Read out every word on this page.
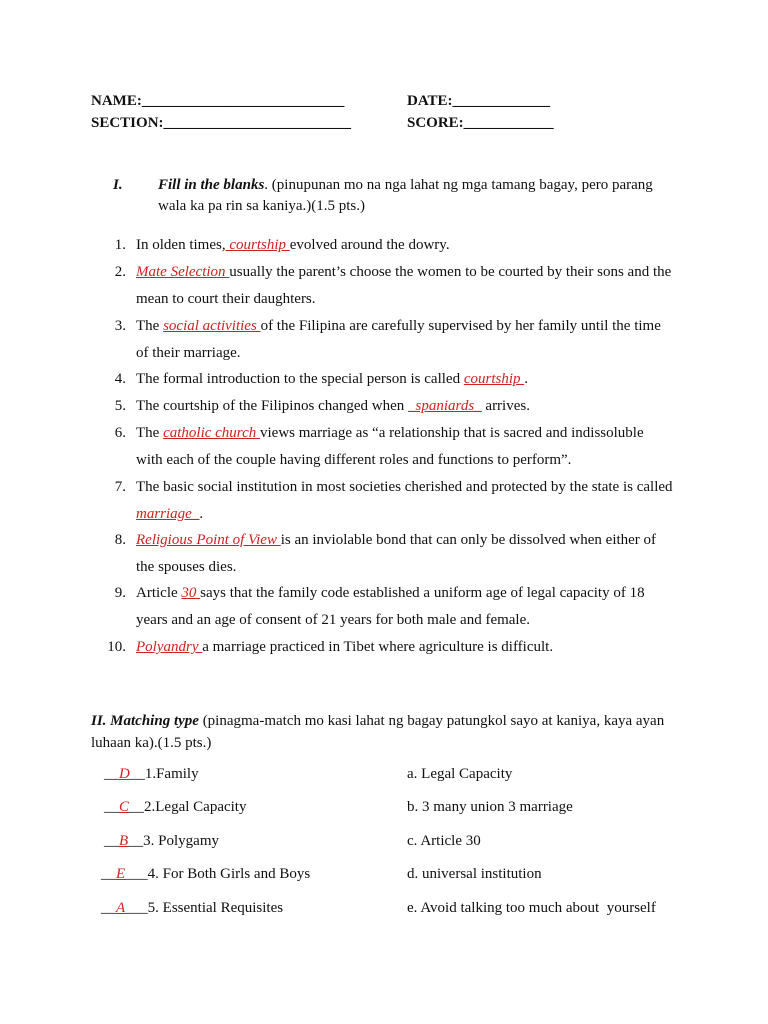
NAME:___________________________	DATE:_____________
SECTION:_________________________	SCORE:____________
I. Fill in the blanks. (pinupunan mo na nga lahat ng mga tamang bagay, pero parang
wala ka pa rin sa kaniya.)(1.5 pts.)
1. In olden times, courtship evolved around the dowry.
2. Mate Selection usually the parent’s choose the women to be courted by their sons and the
mean to court their daughters.
3. The social activities of the Filipina are carefully supervised by her family until the time
of their marriage.
4. The formal introduction to the special person is called courtship .
5. The courtship of the Filipinos changed when _spaniards_ arrives.
6. The catholic church views marriage as “a relationship that is sacred and indissoluble
with each of the couple having different roles and functions to perform”.
7. The basic social institution in most societies cherished and protected by the state is called
marriage_.
8. Religious Point of View is an inviolable bond that can only be dissolved when either of
the spouses dies.
9. Article 30 says that the family code established a uniform age of legal capacity of 18
years and an age of consent of 21 years for both male and female.
10. Polyandry a marriage practiced in Tibet where agriculture is difficult.
II. Matching type (pinagma-match mo kasi lahat ng bagay patungkol sayo at kaniya, kaya ayan
luhaan ka).(1.5 pts.)
__D__1.Family
__C__2.Legal Capacity
__B__3. Polygamy
__E___4. For Both Girls and Boys
__A___5. Essential Requisites
a. Legal Capacity
b. 3 many union 3 marriage
c. Article 30
d. universal institution
e. Avoid talking too much about  yourself
